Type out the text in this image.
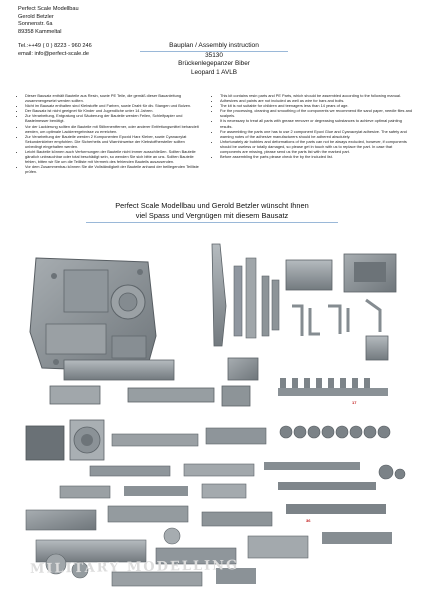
Perfect Scale Modellbau
Gerold Betzler
Sonnenstr. 6a
89358 Kammeltal
Tel.:++49 ( 0 ) 8223 - 960 246
email: info@perfect-scale.de
Bauplan / Assembly instruction
35130
Brückenlegepanzer Biber
Leopard 1 AVLB
• Dieser Bausatz enthält Bauteile aus Resin, sowie PE Teile, die gemäß dieser Bauanleitung zusammengesetzt werden sollten.
• Nicht im Bausatz enthalten sind Klebstoffe und Farben, sowie Draht für div. Stangen und Bolzen.
• Der Bausatz ist nicht geeignet für Kinder und Jugendliche unter 14 Jahren.
• Zur Verarbeitung, Entgratung und Säuberung der Bauteile werden Feilen, Schleifpapier und Bastelmesser benötigt.
• Vor der Lackierung sollten die Bauteile mit Stilbenentferner, oder anderer Entfettungsmittel behandelt werden, um optimale Lackierergebnisse zu erreichen.
• Zur Verarbeitung der Bauteile werden 2 Komponenten Epoxid Harz Kleber, sowie Cyanacrylat Sekundenkleber empfohlen. Die Sicherheits und Warnhinweise der Klebstoffhersteller sollten unbedingt eingehalten werden.
• Leicht Bauteile können auch Verformungen der Bauteile nicht immer ausschließen. Sollten Bauteile gänzlich unbrauchbar oder total beschädigt sein, so wenden Sie sich bitte an uns. Sollten Bauteile fehlen, bitten wir Sie um die Teilliste mit Vermerk des fehlenden Bauteils auszusenden.
• Vor dem Zusammenbau können Sie die Vollständigkeit der Bauteile anhand der beiliegenden Teilliste prüfen.
• This kit contains resin parts and PE Parts, which should be assembled according to the following manual.
• Adhesives and paints are not included as well as wire for bars and bolts.
• The kit is not suitable for children and teenagers less than 14 years of age.
• For the processing, cleaning and smoothing of the components we recommend file sand paper, needle files and scalpels.
• It is necessary to treat all parts with grease remover or degreasing substances to achieve optimal painting results.
• For assembling the parts one has to use 2 component Epoxi Glue and Cyanacrylat adhesive. The safety and warning notes of the adhesive manufacturers should be adhered absolutely.
• Unfortunately air bubbles and deformations of the parts can not be always excluded, however, if components should be useless or totally damaged, so please get in touch with us to replace the part. In case that components are missing, please send us the parts list with the marked part.
• Before assembling the parts please check the by the included list.
Perfect Scale Modellbau und Gerold Betzler wünscht Ihnen
viel Spass und Vergnügen mit diesem Bausatz
17
36
MILITARY MODELLING
